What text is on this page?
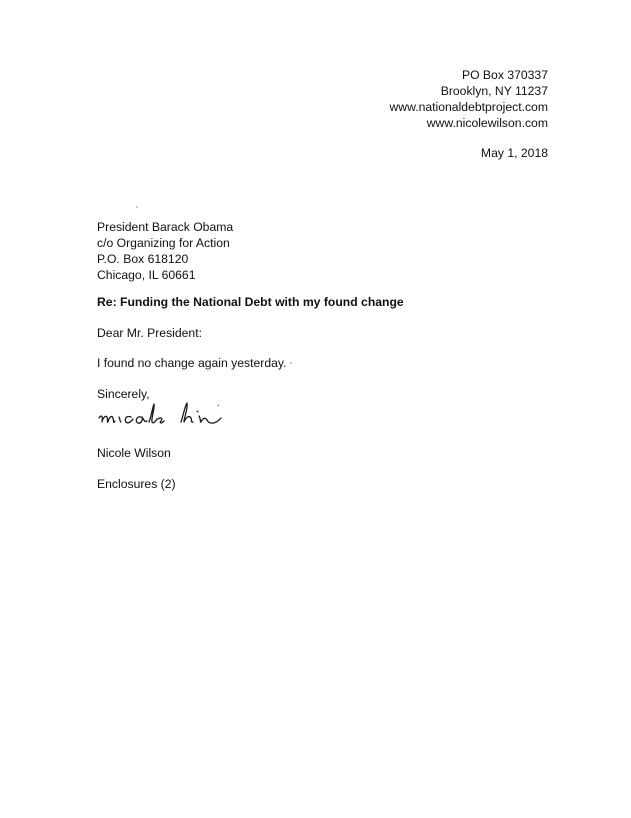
PO Box 370337
Brooklyn, NY 11237
www.nationaldebtproject.com
www.nicolewilson.com
May 1, 2018
President Barack Obama
c/o Organizing for Action
P.O. Box 618120
Chicago, IL 60661
Re: Funding the National Debt with my found change
Dear Mr. President:
I found no change again yesterday.
Sincerely,
Nicole Wilson
Enclosures (2)
